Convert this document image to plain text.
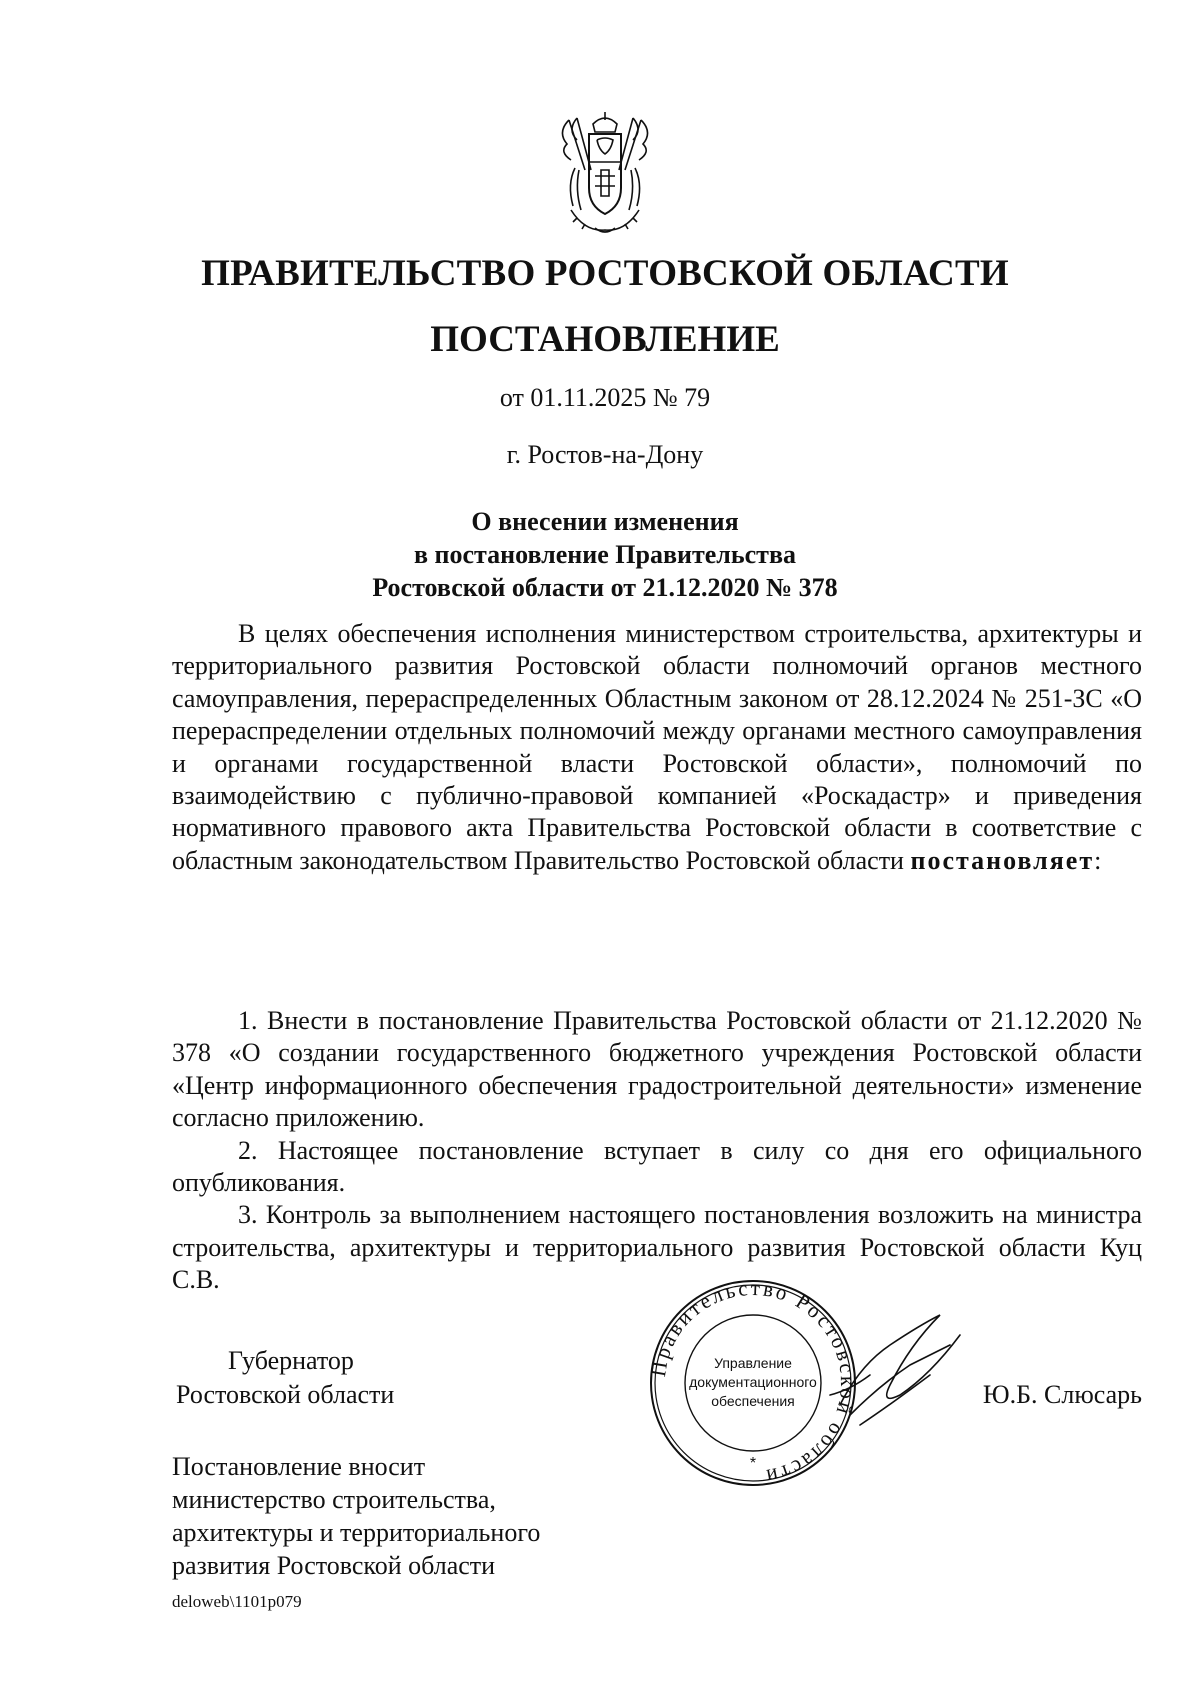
ПРАВИТЕЛЬСТВО РОСТОВСКОЙ ОБЛАСТИ
ПОСТАНОВЛЕНИЕ
от 01.11.2025 № 79
г. Ростов-на-Дону
О внесении изменения
в постановление Правительства
Ростовской области от 21.12.2020 № 378

В целях обеспечения исполнения министерством строительства, архитектуры и территориального развития Ростовской области полномочий органов местного самоуправления, перераспределенных Областным законом от 28.12.2024 № 251-ЗС «О перераспределении отдельных полномочий между органами местного самоуправления и органами государственной власти Ростовской области», полномочий по взаимодействию с публично-правовой компанией «Роскадастр» и приведения нормативного правового акта Правительства Ростовской области в соответствие с областным законодательством Правительство Ростовской области постановляет:

1. Внести в постановление Правительства Ростовской области от 21.12.2020 № 378 «О создании государственного бюджетного учреждения Ростовской области «Центр информационного обеспечения градостроительной деятельности» изменение согласно приложению.

2. Настоящее постановление вступает в силу со дня его официального опубликования.

3. Контроль за выполнением настоящего постановления возложить на министра строительства, архитектуры и территориального развития Ростовской области Куц С.В.

Губернатор
Ростовской области	Ю.Б. Слюсарь
Правительство Ростовской области
Управление
документационного
обеспечения
*
Постановление вносит
министерство строительства,
архитектуры и территориального
развития Ростовской области
deloweb\1101p079
